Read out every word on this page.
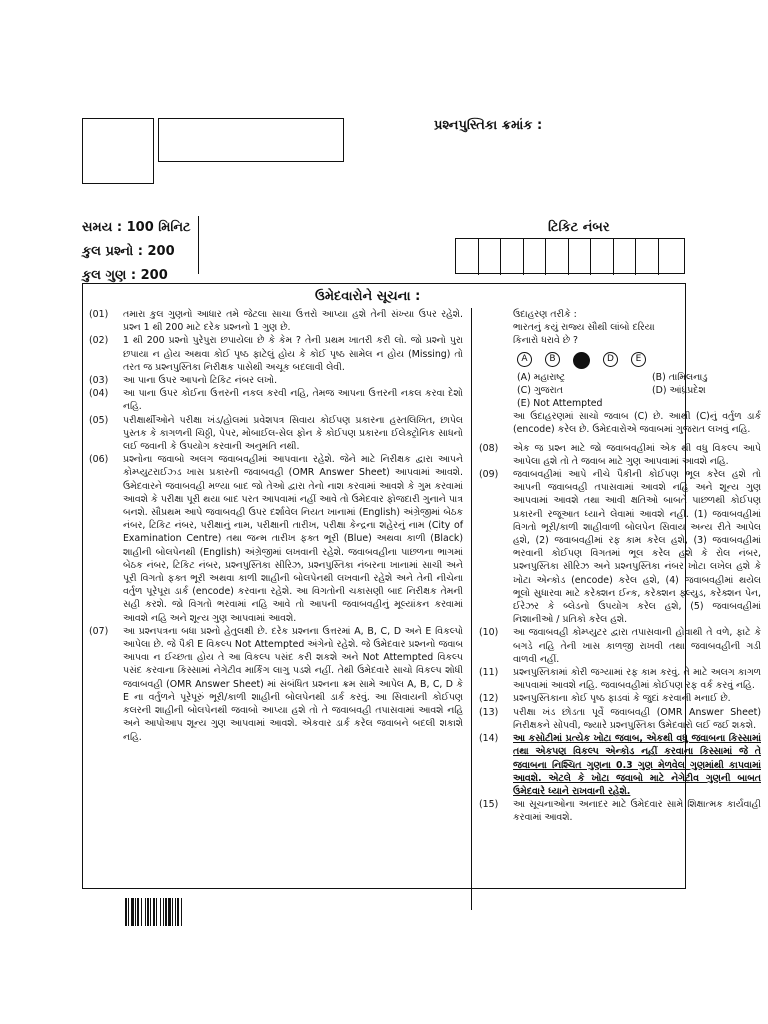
પ્રશ્નપુસ્તિકા ક્રમાંક :
સમય : 100 મિનિટ
કુલ પ્રશ્નો : 200
કુલ ગુણ : 200
ટિકિટ નંબર
ઉમેદવારોને સૂચના :
(01)	તમારા કુલ ગુણનો આધાર તમે જેટલા સાચા ઉત્તરો આપ્યા હશે તેની સંખ્યા ઉપર રહેશે. પ્રશ્ન 1 થી 200 માટે દરેક પ્રશ્નનો 1 ગુણ છે.
(02)	1 થી 200 પ્રશ્નો પુરેપુરા છપાયેલા છે કે કેમ ? તેની પ્રથમ ખાતરી કરી લો. જો પ્રશ્નો પુરા છપાયા ન હોય અથવા કોઈ પૃષ્ઠ ફાટેલું હોય કે કોઈ પૃષ્ઠ સામેલ ન હોય (Missing) તો તરત જ પ્રશ્નપુસ્તિકા નિરીક્ષક પાસેથી અચૂક બદલાવી લેવી.
(03)	આ પાના ઉપર આપનો ટિકિટ નંબર લખો.
(04)	આ પાના ઉપર કોઈના ઉત્તરની નકલ કરવી નહિ, તેમજ આપના ઉત્તરની નકલ કરવા દેશો નહિ.
(05)	પરીક્ષાર્થીઓને પરીક્ષા ખંડ/હોલમાં પ્રવેશપત્ર સિવાય કોઈપણ પ્રકારના હસ્તલિખિત, છાપેલ પુસ્તક કે કાગળની ચિઠ્ઠી, પેપર, મોબાઈલ-સેલ ફોન કે કોઈપણ પ્રકારના ઈલેક્ટ્રોનિક સાધનો લઈ જવાની કે ઉપયોગ કરવાની અનુમતિ નથી.
(06)	પ્રશ્નોના જવાબો અલગ જવાબવહીમાં આપવાના રહેશે. જેને માટે નિરીક્ષક દ્વારા આપને કોમ્પ્યુટરાઈઝ્ડ ખાસ પ્રકારની જવાબવહી (OMR Answer Sheet) આપવામાં આવશે. ઉમેદવારને જવાબવહી મળ્યા બાદ જો તેઓ દ્વારા તેનો નાશ કરવામાં આવશે કે ગુમ કરવામાં આવશે કે પરીક્ષા પૂરી થયા બાદ પરત આપવામાં નહીં આવે તો ઉમેદવાર ફોજદારી ગુનાને પાત્ર બનશે. સૌપ્રથમ આપે જવાબવહી ઉપર દર્શાવેલ નિયત ખાનામાં (English) અંગ્રેજીમાં બેઠક નંબર, ટિકિટ નંબર, પરીક્ષાનું નામ, પરીક્ષાની તારીખ, પરીક્ષા કેન્દ્રના શહેરનું નામ (City of Examination Centre) તથા જન્મ તારીખ ફક્ત ભૂરી (Blue) અથવા કાળી (Black) શાહીની બોલપેનથી (English) અંગ્રેજીમાં લખવાની રહેશે. જવાબવહીના પાછળના ભાગમાં બેઠક નંબર, ટિકિટ નંબર, પ્રશ્નપુસ્તિકા સીરિઝ, પ્રશ્નપુસ્તિકા નંબરના ખાનામાં સાચી અને પૂરી વિગતો ફક્ત ભૂરી અથવા કાળી શાહીની બોલપેનથી લખવાની રહેશે અને તેની નીચેના વર્તુળ પૂરેપૂરા ડાર્ક (encode) કરવાના રહેશે. આ વિગતોની ચકાસણી બાદ નિરીક્ષક તેમની સહી કરશે. જો વિગતો ભરવામાં નહિ આવે તો આપની જવાબવહીનું મૂલ્યાંકન કરવામાં આવશે નહિ અને શૂન્ય ગુણ આપવામાં આવશે.
(07)	આ પ્રશ્નપત્રના બધા પ્રશ્નો હેતુલક્ષી છે. દરેક પ્રશ્નના ઉત્તરમાં A, B, C, D અને E વિકલ્પો આપેલા છે. જે પૈકી E વિકલ્પ Not Attempted અંગેનો રહેશે. જે ઉમેદવાર પ્રશ્નનો જવાબ આપવા ન ઈચ્છતા હોય તે આ વિકલ્પ પસંદ કરી શકશે અને Not Attempted વિકલ્પ પસંદ કરવાના કિસ્સામાં નેગેટીવ માર્કિંગ લાગુ પડશે નહીં. તેથી ઉમેદવારે સાચો વિકલ્પ શોધી જવાબવહી (OMR Answer Sheet) માં સંબંધિત પ્રશ્નના ક્રમ સામે આપેલ A, B, C, D કે E ના વર્તુળને પૂરેપૂરું ભૂરી/કાળી શાહીની બોલપેનથી ડાર્ક કરવું. આ સિવાયની કોઈપણ કલરની શાહીની બોલપેનથી જવાબો આપ્યા હશે તો તે જવાબવહી તપાસવામાં આવશે નહિ અને આપોઆપ શૂન્ય ગુણ આપવામાં આવશે. એકવાર ડાર્ક કરેલ જવાબને બદલી શકાશે નહિ.
ઉદાહરણ તરીકે :
ભારતનું કયું રાજ્ય સૌથી લાંબો દરિયા કિનારો ધરાવે છે ?
A	B	D	E
(A) મહારાષ્ટ્ર	(B) તામિલનાડુ
(C) ગુજરાત	(D) આંધ્રપ્રદેશ
(E) Not Attempted
આ ઉદાહરણમાં સાચો જવાબ (C) છે. આથી (C)નું વર્તુળ ડાર્ક (encode) કરેલ છે. ઉમેદવારોએ જવાબમાં ગુજરાત લખવું નહિ.
(08)	એક જ પ્રશ્ન માટે જો જવાબવહીમાં એક થી વધુ વિકલ્પ આપે આપેલા હશે તો તે જવાબ માટે ગુણ આપવામાં આવશે નહિ.
(09)	જવાબવહીમાં આપે નીચે પૈકીની કોઈપણ ભૂલ કરેલ હશે તો આપની જવાબવહી તપાસવામાં આવશે નહિ અને શૂન્ય ગુણ આપવામાં આવશે તથા આવી ક્ષતિઓ બાબતે પાછળથી કોઈપણ પ્રકારની રજૂઆત ધ્યાને લેવામાં આવશે નહી. (1) જવાબવહીમાં વિગતો ભૂરી/કાળી શાહીવાળી બોલપેન સિવાય અન્ય રીતે આપેલ હશે, (2) જવાબવહીમાં રફ કામ કરેલ હશે, (3) જવાબવહીમાં ભરવાની કોઈપણ વિગતમાં ભૂલ કરેલ હશે કે રોલ નંબર, પ્રશ્નપુસ્તિકા સીરિઝ અને પ્રશ્નપુસ્તિકા નંબર ખોટા લખેલ હશે કે ખોટા એન્કોડ (encode) કરેલ હશે, (4) જવાબવહીમાં થયેલ ભૂલો સુધારવા માટે કરેક્શન ઈન્ક, કરેક્શન ફ્લ્યુડ, કરેક્શન પેન, ઈરેઝર કે બ્લેડનો ઉપયોગ કરેલ હશે, (5) જવાબવહીમાં નિશાનીઓ / પ્રતિકો કરેલ હશે.
(10)	આ જવાબવહી કોમ્પ્યુટર દ્વારા તપાસવાની હોવાથી તે વળે, ફાટે કે બગડે નહિ તેની ખાસ કાળજી રાખવી તથા જવાબવહીની ગડી વાળવી નહીં.
(11)	પ્રશ્નપુસ્તિકામાં કોરી જગ્યામાં રફ કામ કરવું. તે માટે અલગ કાગળ આપવામાં આવશે નહિ. જવાબવહીમાં કોઈપણ રફ વર્ક કરવું નહિ.
(12)	પ્રશ્નપુસ્તિકાના કોઈ પૃષ્ઠ ફાડવાં કે જુદાં કરવાની મનાઈ છે.
(13)	પરીક્ષા ખંડ છોડતા પૂર્વે જવાબવહી (OMR Answer Sheet) નિરીક્ષકને સોંપવી, જ્યારે પ્રશ્નપુસ્તિકા ઉમેદવારો લઈ જઈ શકશે.
(14)	આ કસોટીમાં પ્રત્યેક ખોટા જવાબ, એકથી વધુ જવાબના કિસ્સામાં તથા એકપણ વિકલ્પ એન્કોડ નહીં કરવાના કિસ્સામાં જે તે જવાબના નિશ્ચિત ગુણના 0.3 ગુણ મેળવેલ ગુણમાંથી કાપવામાં આવશે. એટલે કે ખોટા જવાબો માટે નેગેટીવ ગુણની બાબત ઉમેદવારે ધ્યાને રાખવાની રહેશે.
(15)	આ સૂચનાઓના અનાદર માટે ઉમેદવાર સામે શિક્ષાત્મક કાર્યવાહી કરવામાં આવશે.
